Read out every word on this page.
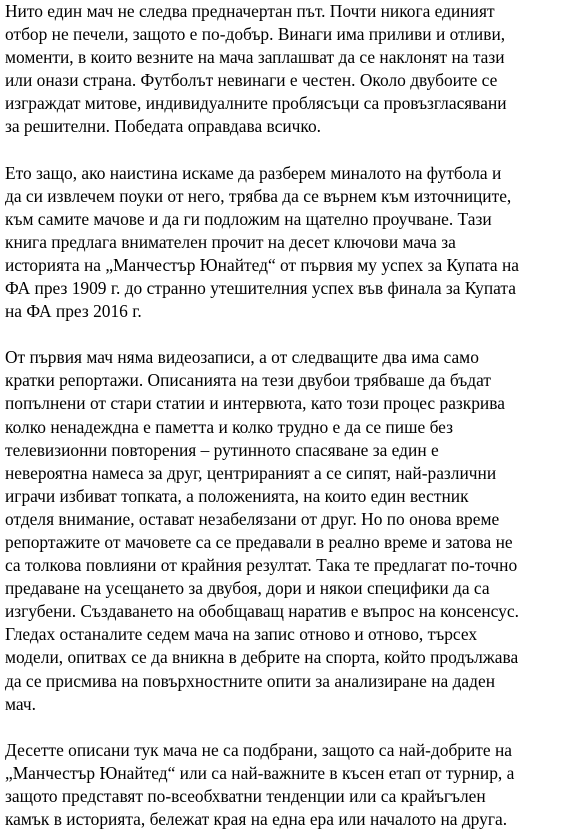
Нито един мач не следва предначертан път. Почти никога единият
отбор не печели, защото е по-добър. Винаги има приливи и отливи,
моменти, в които везните на мача заплашват да се наклонят на тази
или онази страна. Футболът невинаги е честен. Около двубоите се
изграждат митове, индивидуалните проблясъци са провъзгласявани
за решителни. Победата оправдава всичко.
Ето защо, ако наистина искаме да разберем миналото на футбола и
да си извлечем поуки от него, трябва да се върнем към източниците,
към самите мачове и да ги подложим на щателно проучване. Тази
книга предлага внимателен прочит на десет ключови мача за
историята на „Манчестър Юнайтед“ от първия му успех за Купата на
ФА през 1909 г. до странно утешителния успех във финала за Купата
на ФА през 2016 г.
От първия мач няма видеозаписи, а от следващите два има само
кратки репортажи. Описанията на тези двубои трябваше да бъдат
попълнени от стари статии и интервюта, като този процес разкрива
колко ненадеждна е паметта и колко трудно е да се пише без
телевизионни повторения – рутинното спасяване за един е
невероятна намеса за друг, центрираният а се сипят, най-различни
играчи избиват топката, а положенията, на които един вестник
отделя внимание, остават незабелязани от друг. Но по онова време
репортажите от мачовете са се предавали в реално време и затова не
са толкова повлияни от крайния резултат. Така те предлагат по-точно
предаване на усещането за двубоя, дори и някои специфики да са
изгубени. Създаването на обобщаващ наратив е въпрос на консенсус.
Гледах останалите седем мача на запис отново и отново, търсех
модели, опитвах се да вникна в дебрите на спорта, който продължава
да се присмива на повърхностните опити за анализиране на даден
мач.
Десетте описани тук мача не са подбрани, защото са най-добрите на
„Манчестър Юнайтед“ или са най-важните в късен етап от турнир, а
защото представят по-всеобхватни тенденции или са крайъгълен
камък в историята, бележат края на една ера или началото на друга.
